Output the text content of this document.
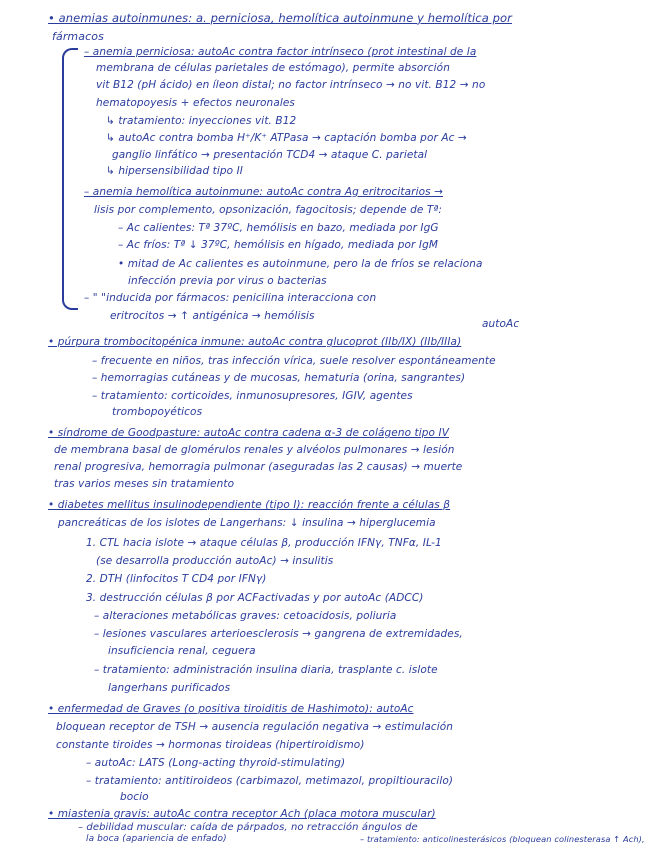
• anemias autoinmunes: a. perniciosa, hemolítica autoinmune y hemolítica por
fármacos
– anemia perniciosa: autoAc contra factor intrínseco (prot intestinal de la
membrana de células parietales de estómago), permite absorción
vit B12 (pH ácido) en íleon distal; no factor intrínseco → no vit. B12 → no
hematopoyesis + efectos neuronales
↳ tratamiento: inyecciones vit. B12
↳ autoAc contra bomba H⁺/K⁺ ATPasa → captación bomba por Ac →
ganglio linfático → presentación TCD4 → ataque C. parietal
↳ hipersensibilidad tipo II
– anemia hemolítica autoinmune: autoAc contra Ag eritrocitarios →
lisis por complemento, opsonización, fagocitosis; depende de Tª:
– Ac calientes: Tª 37ºC, hemólisis en bazo, mediada por IgG
– Ac fríos: Tª ↓ 37ºC, hemólisis en hígado, mediada por IgM
• mitad de Ac calientes es autoinmune, pero la de fríos se relaciona
infección previa por virus o bacterias
– " "inducida por fármacos: penicilina interacciona con
eritrocitos → ↑ antigénica → hemólisis
autoAc
• púrpura trombocitopénica inmune: autoAc contra glucoprot (IIb/IX) (IIb/IIIa)
– frecuente en niños, tras infección vírica, suele resolver espontáneamente
– hemorragias cutáneas y de mucosas, hematuria (orina, sangrantes)
– tratamiento: corticoides, inmunosupresores, IGIV, agentes
trombopoyéticos
• síndrome de Goodpasture: autoAc contra cadena α-3 de colágeno tipo IV
de membrana basal de glomérulos renales y alvéolos pulmonares → lesión
renal progresiva, hemorragia pulmonar (aseguradas las 2 causas) → muerte
tras varios meses sin tratamiento
• diabetes mellitus insulinodependiente (tipo I): reacción frente a células β
pancreáticas de los islotes de Langerhans: ↓ insulina → hiperglucemia
1. CTL hacia islote → ataque células β, producción IFNγ, TNFα, IL-1
(se desarrolla producción autoAc) → insulitis
2. DTH (linfocitos T CD4 por IFNγ)
3. destrucción células β por ACFactivadas y por autoAc (ADCC)
– alteraciones metabólicas graves: cetoacidosis, poliuria
– lesiones vasculares arterioesclerosis → gangrena de extremidades,
insuficiencia renal, ceguera
– tratamiento: administración insulina diaria, trasplante c. islote
langerhans purificados
• enfermedad de Graves (o positiva tiroiditis de Hashimoto): autoAc
bloquean receptor de TSH → ausencia regulación negativa → estimulación
constante tiroides → hormonas tiroideas (hipertiroidismo)
– autoAc: LATS (Long-acting thyroid-stimulating)
– tratamiento: antitiroideos (carbimazol, metimazol, propiltiouracilo)
bocio
• miastenia gravis: autoAc contra receptor Ach (placa motora muscular)
– debilidad muscular: caída de párpados, no retracción ángulos de
la boca (apariencia de enfado)	– tratamiento: anticolinesterásicos (bloquean colinesterasa ↑ Ach),
